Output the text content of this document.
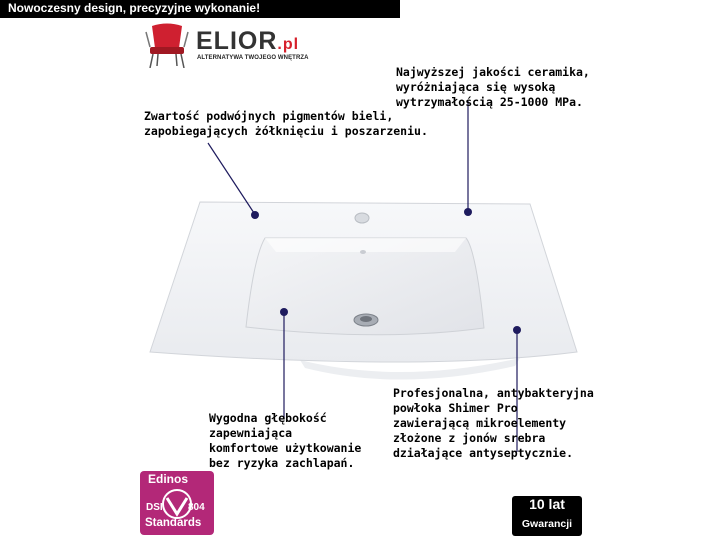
Nowoczesny design, precyzyjne wykonanie!
ELIOR.pl
ALTERNATYWA TWOJEGO WNĘTRZA
Zwartość podwójnych pigmentów bieli,
zapobiegających żółknięciu i poszarzeniu.
Najwyższej jakości ceramika,
wyróżniająca się wysoką
wytrzymałością 25-1000 MPa.
Profesjonalna, antybakteryjna
powłoka Shimer Pro
zawierającą mikroelementy
złożone z jonów srebra
działające antyseptycznie.
Wygodna głębokość
zapewniająca
komfortowe użytkowanie
bez ryzyka zachlapań.
Edinos
DSI	804
Standards
10 lat
Gwarancji
